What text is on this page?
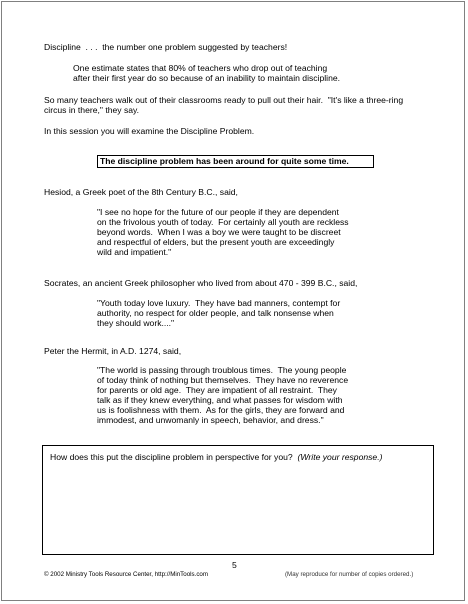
Discipline  . . .  the number one problem suggested by teachers!
One estimate states that 80% of teachers who drop out of teaching
after their first year do so because of an inability to maintain discipline.
So many teachers walk out of their classrooms ready to pull out their hair.  "It's like a three-ring
circus in there," they say.
In this session you will examine the Discipline Problem.
The discipline problem has been around for quite some time.
Hesiod, a Greek poet of the 8th Century B.C., said,
"I see no hope for the future of our people if they are dependent
on the frivolous youth of today.  For certainly all youth are reckless
beyond words.  When I was a boy we were taught to be discreet
and respectful of elders, but the present youth are exceedingly
wild and impatient."
Socrates, an ancient Greek philosopher who lived from about 470 - 399 B.C., said,
"Youth today love luxury.  They have bad manners, contempt for
authority, no respect for older people, and talk nonsense when
they should work...."
Peter the Hermit, in A.D. 1274, said,
"The world is passing through troublous times.  The young people
of today think of nothing but themselves.  They have no reverence
for parents or old age.  They are impatient of all restraint.  They
talk as if they knew everything, and what passes for wisdom with
us is foolishness with them.  As for the girls, they are forward and
immodest, and unwomanly in speech, behavior, and dress."
How does this put the discipline problem in perspective for you? (Write your response.)
5
© 2002 Ministry Tools Resource Center, http://MinTools.com	(May reproduce for number of copies ordered.)
